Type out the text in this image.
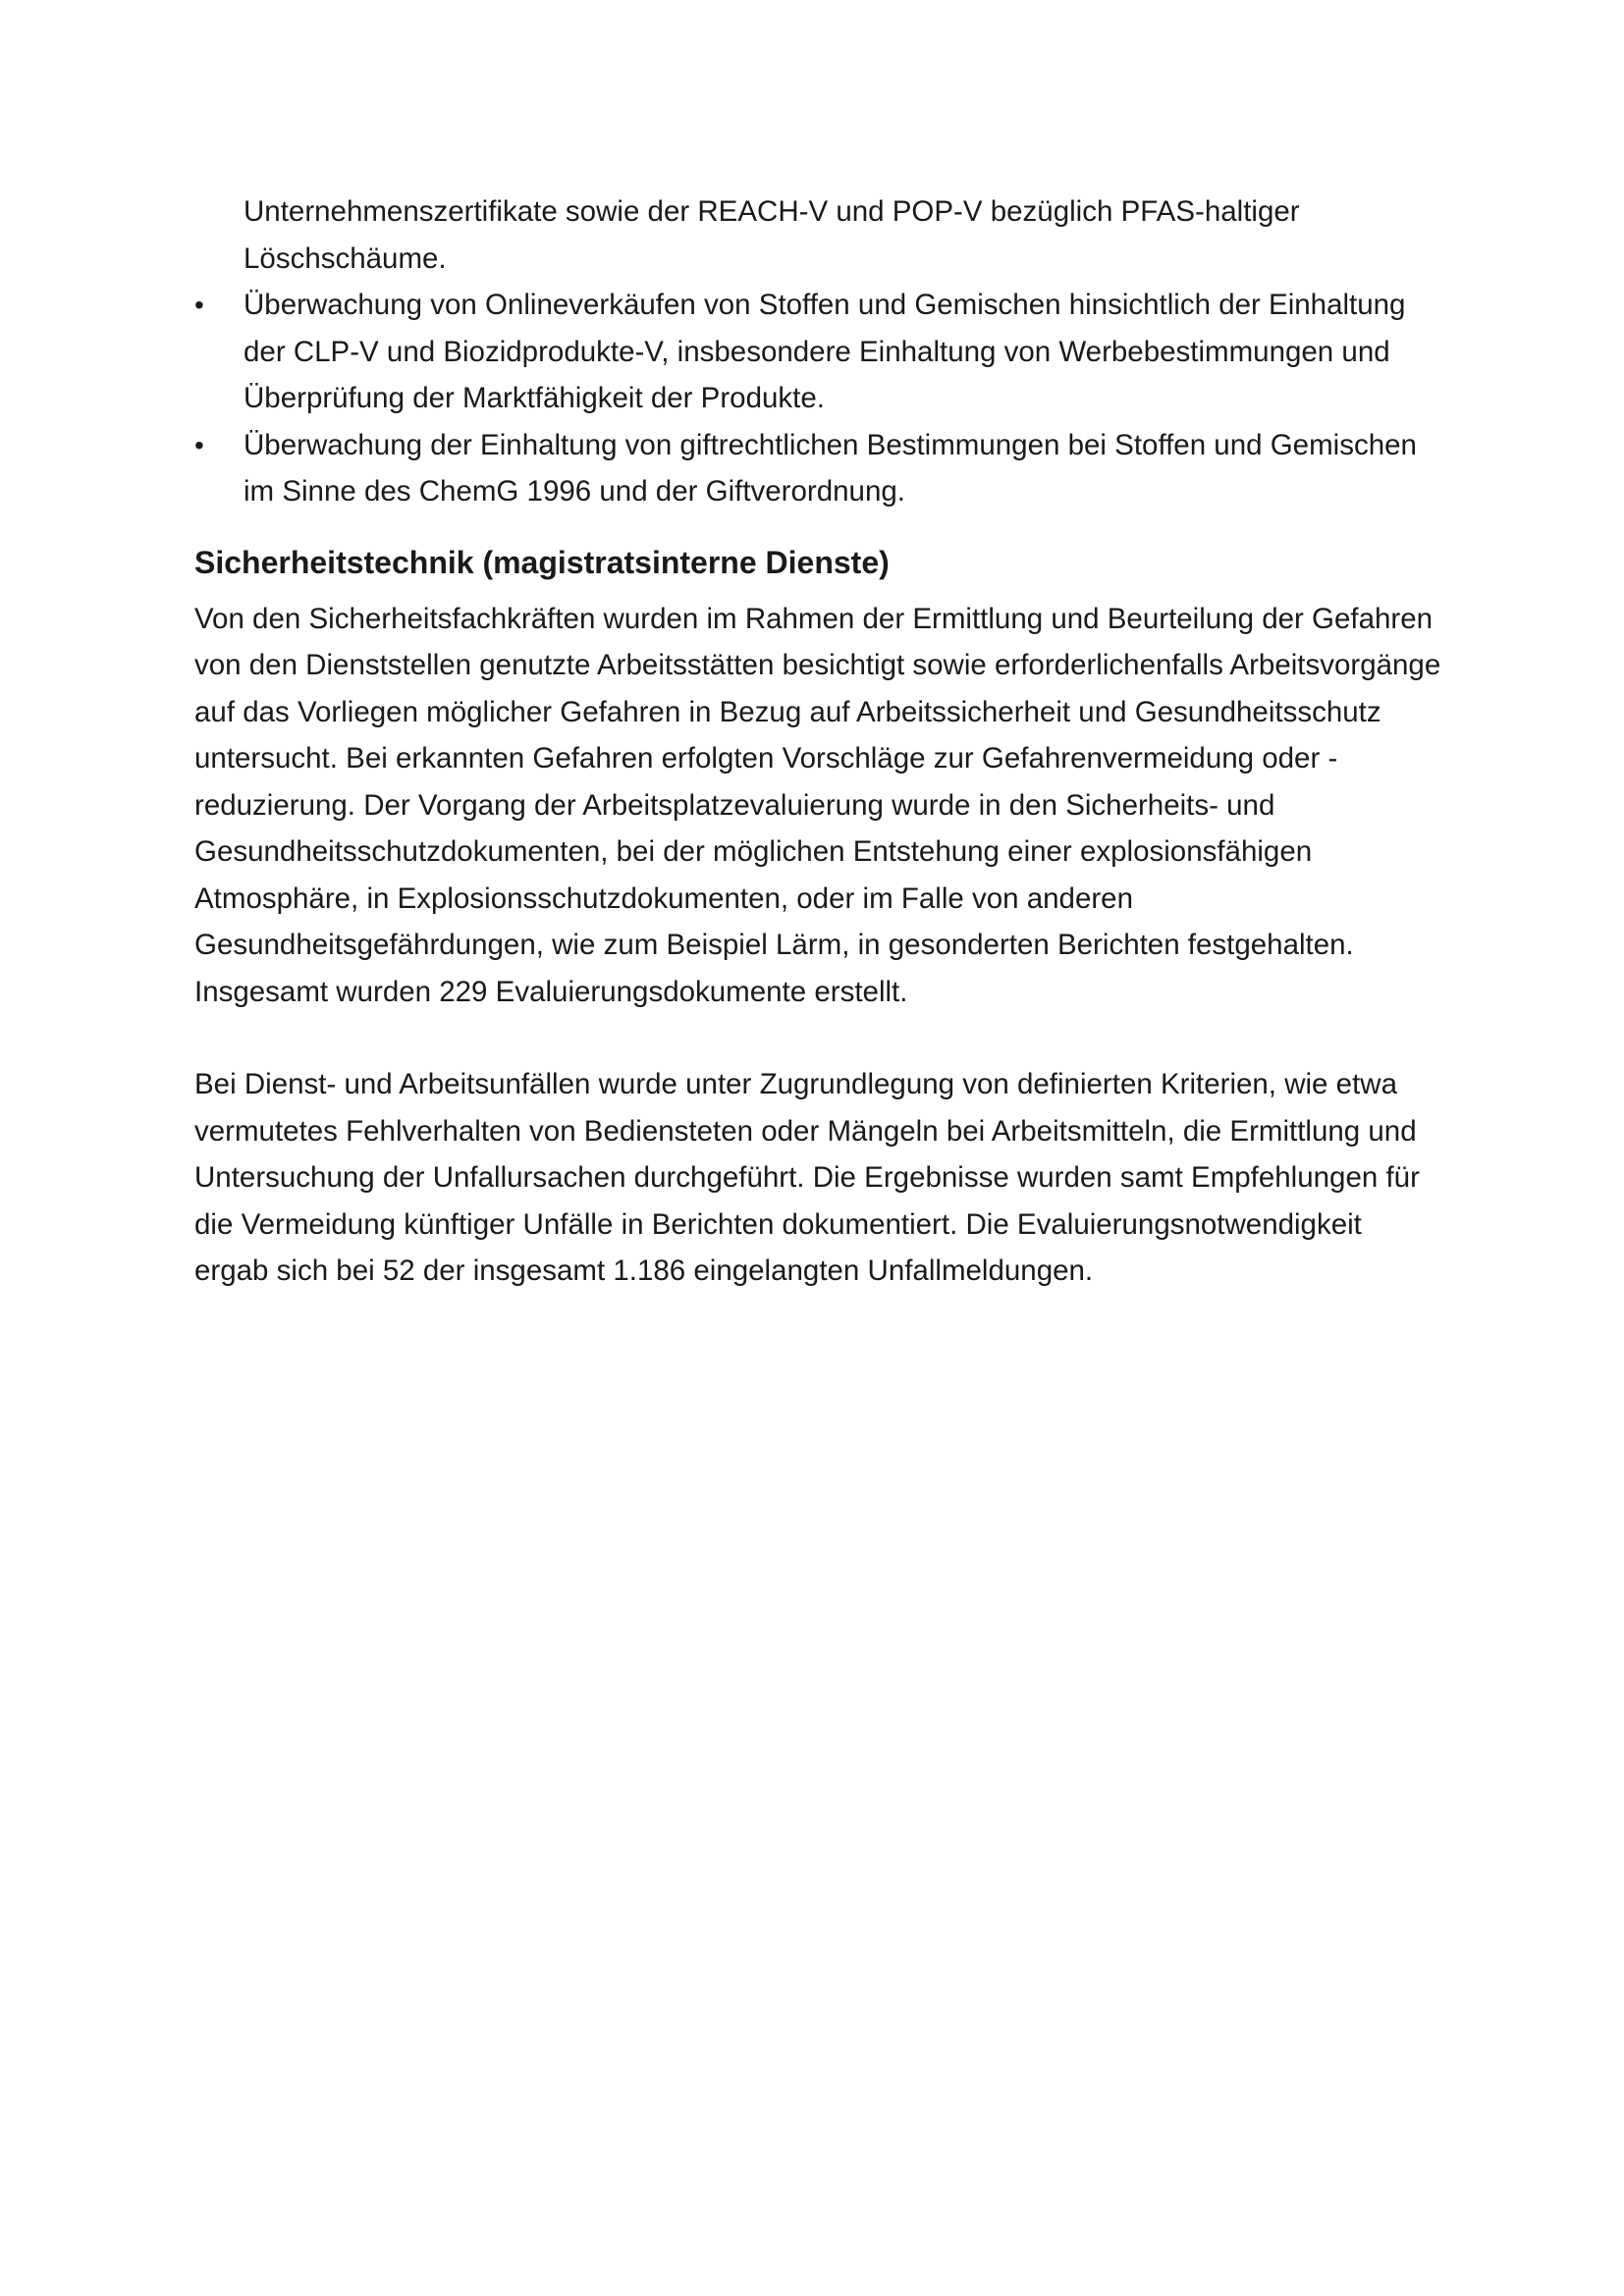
Unternehmenszertifikate sowie der REACH-V und POP-V bezüglich PFAS-haltiger Löschschäume.

•	Überwachung von Onlineverkäufen von Stoffen und Gemischen hinsichtlich der Einhaltung der CLP-V und Biozidprodukte-V, insbesondere Einhaltung von Werbebestimmungen und Überprüfung der Marktfähigkeit der Produkte.
•	Überwachung der Einhaltung von giftrechtlichen Bestimmungen bei Stoffen und Gemischen im Sinne des ChemG 1996 und der Giftverordnung.
Sicherheitstechnik (magistratsinterne Dienste)

Von den Sicherheitsfachkräften wurden im Rahmen der Ermittlung und Beurteilung der Gefahren von den Dienststellen genutzte Arbeitsstätten besichtigt sowie erforderlichenfalls Arbeitsvorgänge auf das Vorliegen möglicher Gefahren in Bezug auf Arbeitssicherheit und Gesundheitsschutz untersucht. Bei erkannten Gefahren erfolgten Vorschläge zur Gefahrenvermeidung oder -reduzierung. Der Vorgang der Arbeitsplatzevaluierung wurde in den Sicherheits- und Gesundheitsschutzdokumenten, bei der möglichen Entstehung einer explosionsfähigen Atmosphäre, in Explosionsschutzdokumenten, oder im Falle von anderen Gesundheitsgefährdungen, wie zum Beispiel Lärm, in gesonderten Berichten festgehalten. Insgesamt wurden 229 Evaluierungsdokumente erstellt.

Bei Dienst- und Arbeitsunfällen wurde unter Zugrundlegung von definierten Kriterien, wie etwa vermutetes Fehlverhalten von Bediensteten oder Mängeln bei Arbeitsmitteln, die Ermittlung und Untersuchung der Unfallursachen durchgeführt. Die Ergebnisse wurden samt Empfehlungen für die Vermeidung künftiger Unfälle in Berichten dokumentiert. Die Evaluierungsnotwendigkeit ergab sich bei 52 der insgesamt 1.186 eingelangten Unfallmeldungen.
